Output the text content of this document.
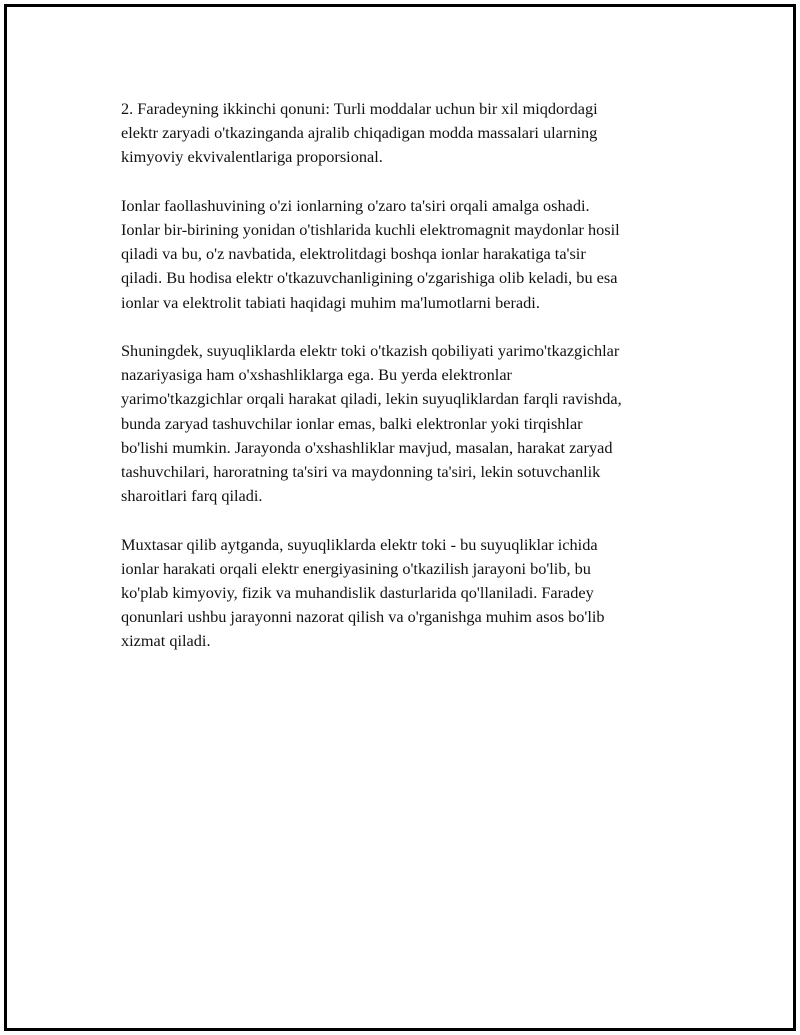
2. Faradeyning ikkinchi qonuni: Turli moddalar uchun bir xil miqdordagi
elektr zaryadi o'tkazinganda ajralib chiqadigan modda massalari ularning
kimyoviy ekvivalentlariga proporsional.

Ionlar faollashuvining o'zi ionlarning o'zaro ta'siri orqali amalga oshadi.
Ionlar bir-birining yonidan o'tishlarida kuchli elektromagnit maydonlar hosil
qiladi va bu, o'z navbatida, elektrolitdagi boshqa ionlar harakatiga ta'sir
qiladi. Bu hodisa elektr o'tkazuvchanligining o'zgarishiga olib keladi, bu esa
ionlar va elektrolit tabiati haqidagi muhim ma'lumotlarni beradi.

Shuningdek, suyuqliklarda elektr toki o'tkazish qobiliyati yarimo'tkazgichlar
nazariyasiga ham o'xshashliklarga ega. Bu yerda elektronlar
yarimo'tkazgichlar orqali harakat qiladi, lekin suyuqliklardan farqli ravishda,
bunda zaryad tashuvchilar ionlar emas, balki elektronlar yoki tirqishlar
bo'lishi mumkin. Jarayonda o'xshashliklar mavjud, masalan, harakat zaryad
tashuvchilari, haroratning ta'siri va maydonning ta'siri, lekin sotuvchanlik
sharoitlari farq qiladi.

Muxtasar qilib aytganda, suyuqliklarda elektr toki - bu suyuqliklar ichida
ionlar harakati orqali elektr energiyasining o'tkazilish jarayoni bo'lib, bu
ko'plab kimyoviy, fizik va muhandislik dasturlarida qo'llaniladi. Faradey
qonunlari ushbu jarayonni nazorat qilish va o'rganishga muhim asos bo'lib
xizmat qiladi.
